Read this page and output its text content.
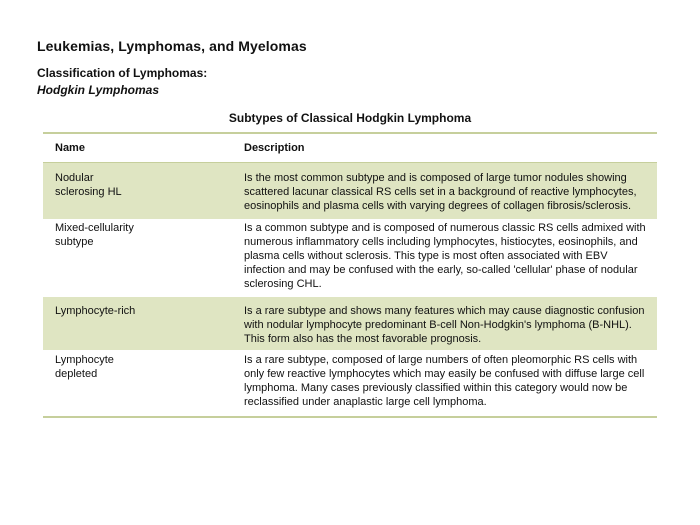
Leukemias, Lymphomas, and Myelomas
Classification of Lymphomas:
Hodgkin Lymphomas
Subtypes of Classical Hodgkin Lymphoma
Name	Description
Nodular
sclerosing HL
Is the most common subtype and is composed of large tumor nodules showing scattered lacunar classical RS cells set in a background of reactive lymphocytes, eosinophils and plasma cells with varying degrees of collagen fibrosis/sclerosis.
Mixed-cellularity
subtype
Is a common subtype and is composed of numerous classic RS cells admixed with numerous inflammatory cells including lymphocytes, histiocytes, eosinophils, and plasma cells without sclerosis. This type is most often associated with EBV infection and may be confused with the early, so-called 'cellular' phase of nodular sclerosing CHL.
Lymphocyte-rich	Is a rare subtype and shows many features which may cause diagnostic confusion with nodular lymphocyte predominant B-cell Non-Hodgkin's lymphoma (B-NHL). This form also has the most favorable prognosis.
Lymphocyte
depleted
Is a rare subtype, composed of large numbers of often pleomorphic RS cells with only few reactive lymphocytes which may easily be confused with diffuse large cell lymphoma. Many cases previously classified within this category would now be reclassified under anaplastic large cell lymphoma.
